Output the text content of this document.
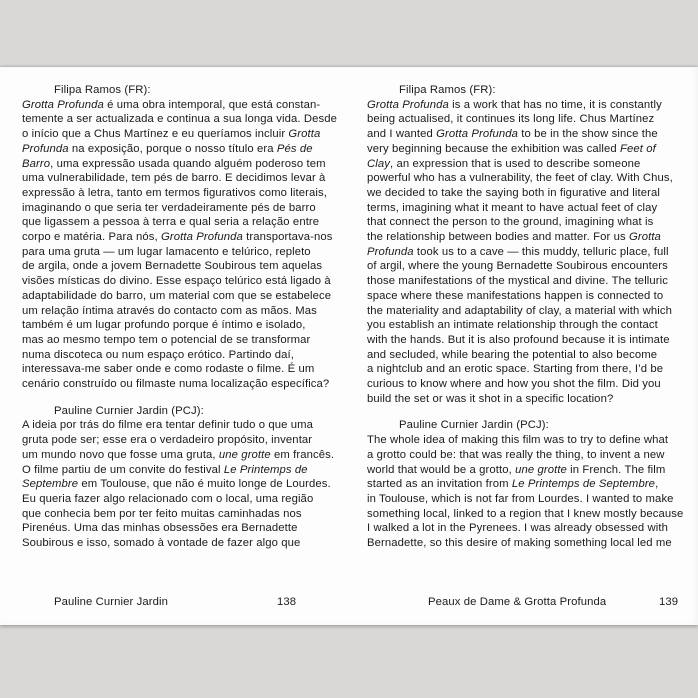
Filipa Ramos (FR):
Grotta Profunda é uma obra intemporal, que está constan-
temente a ser actualizada e continua a sua longa vida. Desde
o início que a Chus Martínez e eu queríamos incluir Grotta
Profunda na exposição, porque o nosso título era Pés de
Barro, uma expressão usada quando alguém poderoso tem
uma vulnerabilidade, tem pés de barro. E decidimos levar à
expressão à letra, tanto em termos figurativos como literais,
imaginando o que seria ter verdadeiramente pés de barro
que ligassem a pessoa à terra e qual seria a relação entre
corpo e matéria. Para nós, Grotta Profunda transportava-nos
para uma gruta — um lugar lamacento e telúrico, repleto
de argila, onde a jovem Bernadette Soubirous tem aquelas
visões místicas do divino. Esse espaço telúrico está ligado à
adaptabilidade do barro, um material com que se estabelece
um relação íntima através do contacto com as mãos. Mas
também é um lugar profundo porque é íntimo e isolado,
mas ao mesmo tempo tem o potencial de se transformar
numa discoteca ou num espaço erótico. Partindo daí,
interessava-me saber onde e como rodaste o filme. É um
cenário construído ou filmaste numa localização específica?
Pauline Curnier Jardin (PCJ):
A ideia por trás do filme era tentar definir tudo o que uma
gruta pode ser; esse era o verdadeiro propósito, inventar
um mundo novo que fosse uma gruta, une grotte em francês.
O filme partiu de um convite do festival Le Printemps de
Septembre em Toulouse, que não é muito longe de Lourdes.
Eu queria fazer algo relacionado com o local, uma região
que conhecia bem por ter feito muitas caminhadas nos
Pirenéus. Uma das minhas obsessões era Bernadette
Soubirous e isso, somado à vontade de fazer algo que
Filipa Ramos (FR):
Grotta Profunda is a work that has no time, it is constantly
being actualised, it continues its long life. Chus Martínez
and I wanted Grotta Profunda to be in the show since the
very beginning because the exhibition was called Feet of
Clay, an expression that is used to describe someone
powerful who has a vulnerability, the feet of clay. With Chus,
we decided to take the saying both in figurative and literal
terms, imagining what it meant to have actual feet of clay
that connect the person to the ground, imagining what is
the relationship between bodies and matter. For us Grotta
Profunda took us to a cave — this muddy, telluric place, full
of argil, where the young Bernadette Soubirous encounters
those manifestations of the mystical and divine. The telluric
space where these manifestations happen is connected to
the materiality and adaptability of clay, a material with which
you establish an intimate relationship through the contact
with the hands. But it is also profound because it is intimate
and secluded, while bearing the potential to also become
a nightclub and an erotic space. Starting from there, I’d be
curious to know where and how you shot the film. Did you
build the set or was it shot in a specific location?
Pauline Curnier Jardin (PCJ):
The whole idea of making this film was to try to define what
a grotto could be: that was really the thing, to invent a new
world that would be a grotto, une grotte in French. The film
started as an invitation from Le Printemps de Septembre,
in Toulouse, which is not far from Lourdes. I wanted to make
something local, linked to a region that I knew mostly because
I walked a lot in the Pyrenees. I was already obsessed with
Bernadette, so this desire of making something local led me
Pauline Curnier Jardin	138	Peaux de Dame & Grotta Profunda	139
